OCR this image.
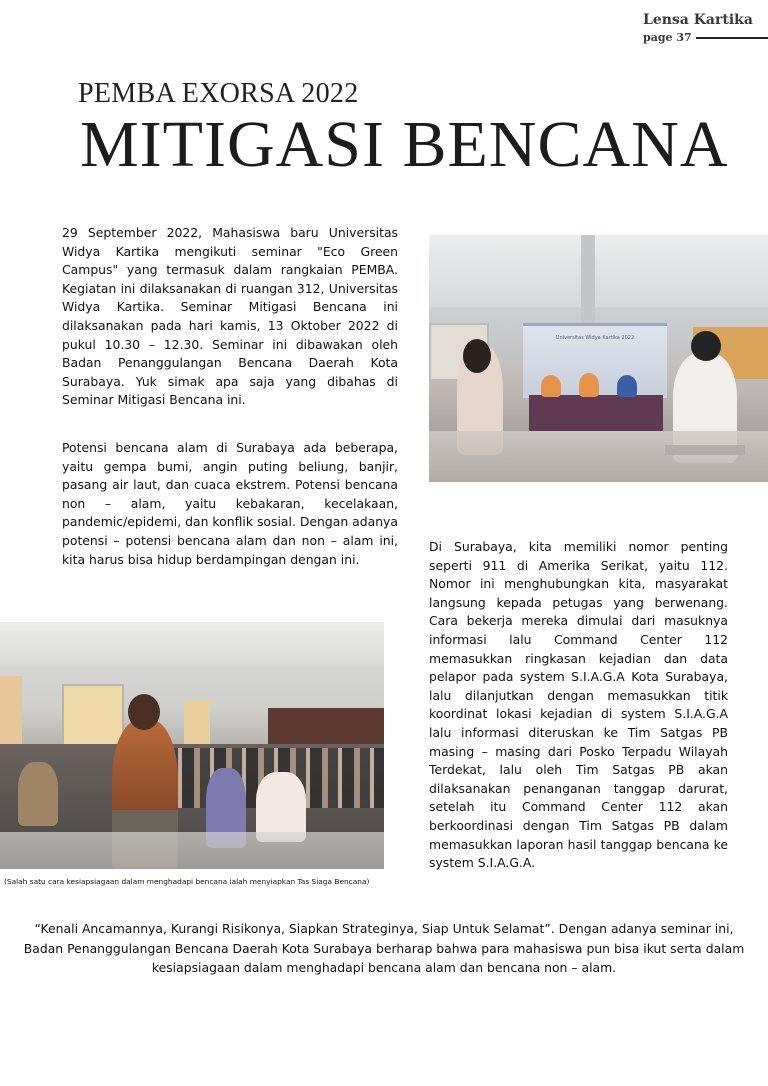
Lensa Kartika
page 37
PEMBA EXORSA 2022
MITIGASI BENCANA
29 September 2022, Mahasiswa baru Universitas Widya Kartika mengikuti seminar "Eco Green Campus" yang termasuk dalam rangkaian PEMBA. Kegiatan ini dilaksanakan di ruangan 312, Universitas Widya Kartika. Seminar Mitigasi Bencana ini dilaksanakan pada hari kamis, 13 Oktober 2022 di pukul 10.30 – 12.30. Seminar ini dibawakan oleh Badan Penanggulangan Bencana Daerah Kota Surabaya. Yuk simak apa saja yang dibahas di Seminar Mitigasi Bencana ini.
Potensi bencana alam di Surabaya ada beberapa, yaitu gempa bumi, angin puting beliung, banjir, pasang air laut, dan cuaca ekstrem. Potensi bencana non – alam, yaitu kebakaran, kecelakaan, pandemic/epidemi, dan konflik sosial. Dengan adanya potensi – potensi bencana alam dan non – alam ini, kita harus bisa hidup berdampingan dengan ini.
Di Surabaya, kita memiliki nomor penting seperti 911 di Amerika Serikat, yaitu 112. Nomor ini menghubungkan kita, masyarakat langsung kepada petugas yang berwenang. Cara bekerja mereka dimulai dari masuknya informasi lalu Command Center 112 memasukkan ringkasan kejadian dan data pelapor pada system S.I.A.G.A Kota Surabaya, lalu dilanjutkan dengan memasukkan titik koordinat lokasi kejadian di system S.I.A.G.A lalu informasi diteruskan ke Tim Satgas PB masing – masing dari Posko Terpadu Wilayah Terdekat, lalu oleh Tim Satgas PB akan dilaksanakan penanganan tanggap darurat, setelah itu Command Center 112 akan berkoordinasi dengan Tim Satgas PB dalam memasukkan laporan hasil tanggap bencana ke system S.I.A.G.A.
Universitas Widya Kartika 2022
(Salah satu cara kesiapsiagaan dalam menghadapi bencana ialah menyiapkan Tas Siaga Bencana)
“Kenali Ancamannya, Kurangi Risikonya, Siapkan Strateginya, Siap Untuk Selamat”. Dengan adanya seminar ini, Badan Penanggulangan Bencana Daerah Kota Surabaya berharap bahwa para mahasiswa pun bisa ikut serta dalam kesiapsiagaan dalam menghadapi bencana alam dan bencana non – alam.
